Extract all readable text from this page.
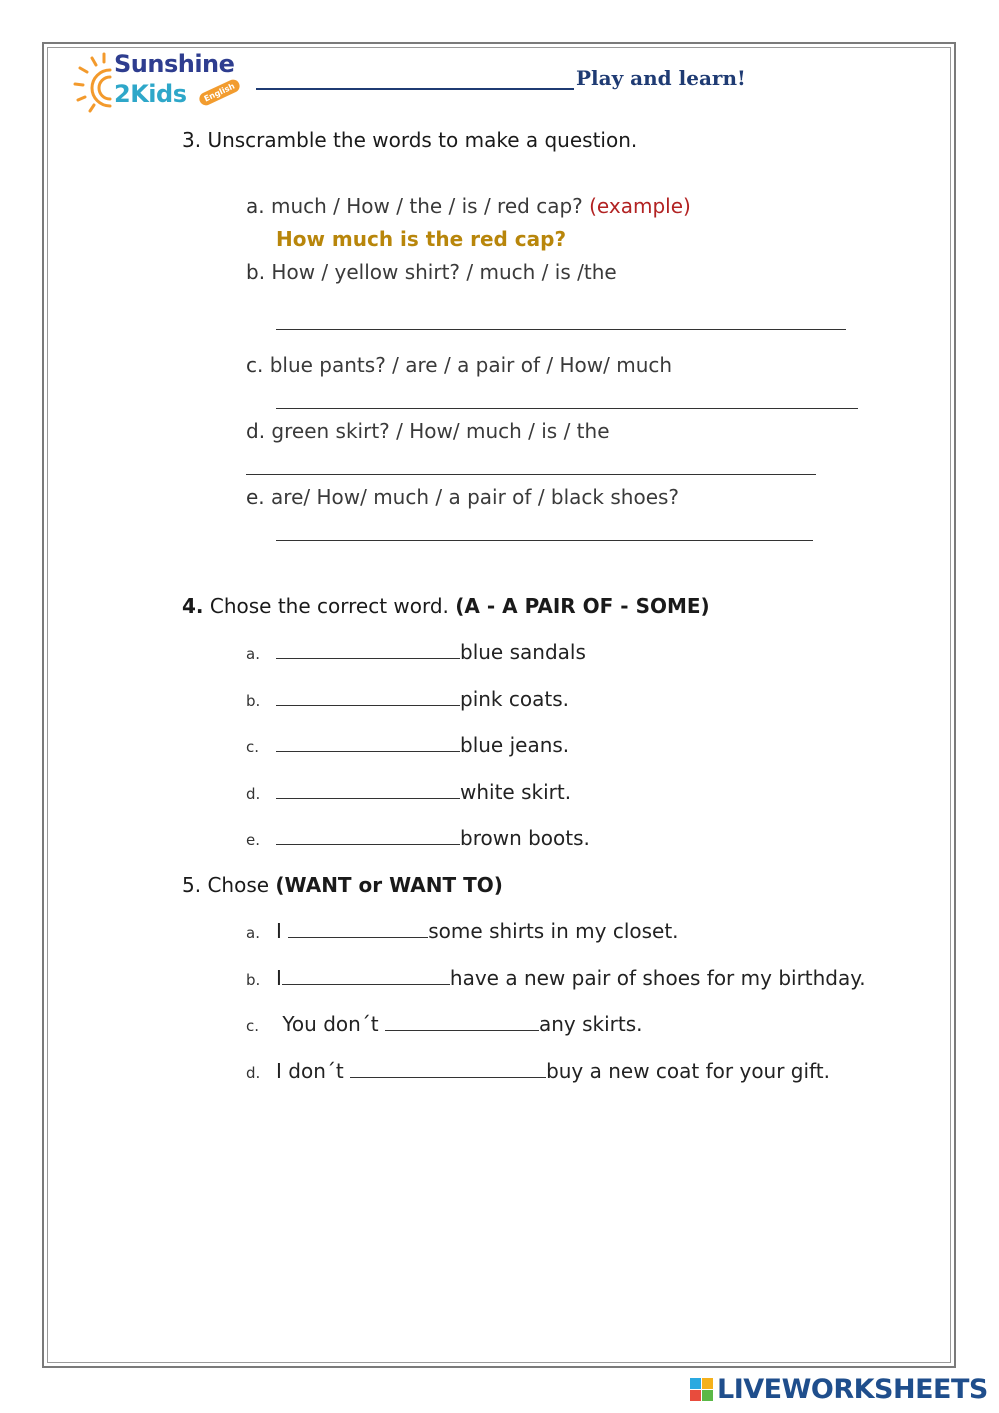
Sunshine
2Kids	English
Play and learn!
3. Unscramble the words to make a question.
a. much / How / the / is / red cap? (example)
How much is the red cap?
b. How / yellow shirt? / much / is /the
c. blue pants? / are / a pair of / How/ much
d. green skirt? / How/ much / is / the
e. are/ How/ much / a pair of / black shoes?
4. Chose the correct word. (A - A PAIR OF - SOME)
a.	blue sandals
b.	pink coats.
c.	blue jeans.
d.	white skirt.
e.	brown boots.
5. Chose (WANT or WANT TO)
a. I	some shirts in my closet.
b. I	have a new pair of shoes for my birthday.
c. You don´t	any skirts.
d. I don´t	buy a new coat for your gift.
LIVEWORKSHEETS
